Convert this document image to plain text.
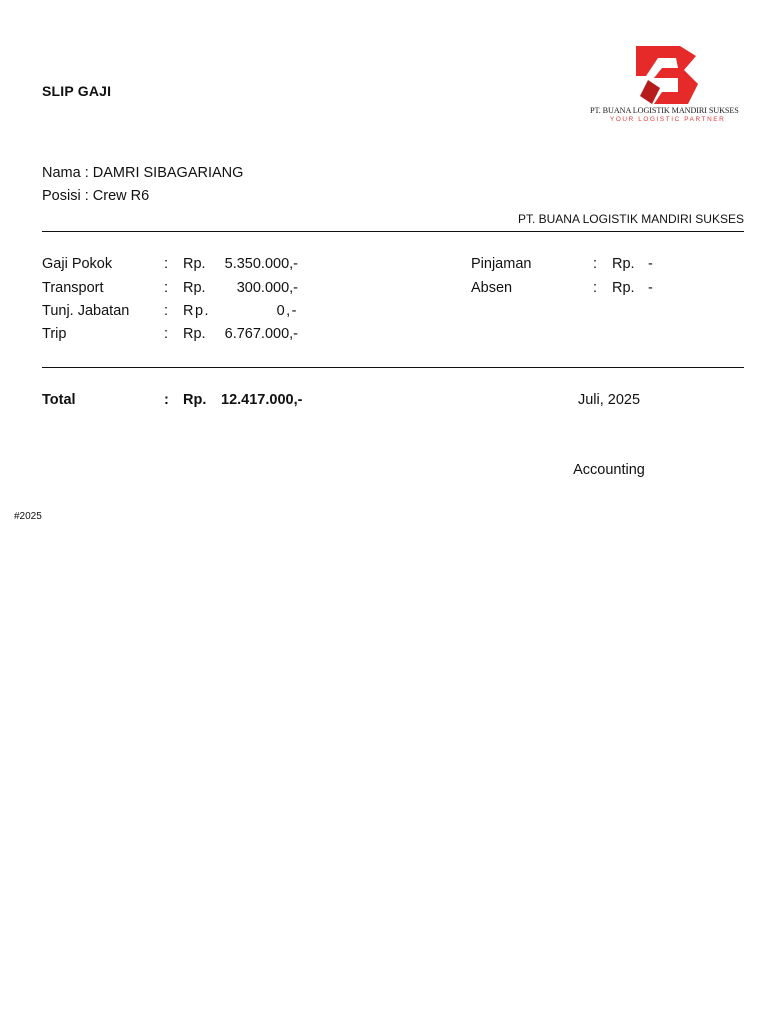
SLIP GAJI
PT. BUANA LOGISTIK MANDIRI SUKSES
YOUR LOGISTIC PARTNER
Nama : DAMRI SIBAGARIANG
Posisi : Crew R6
PT. BUANA LOGISTIK MANDIRI SUKSES
Gaji Pokok	: Rp.	5.350.000,-
Transport	: Rp.	300.000,-
Tunj. Jabatan : Rp.	0,-
Trip	: Rp.	6.767.000,-
Pinjaman	: Rp. -
Absen	: Rp. -
Total	: Rp. 12.417.000,-	Juli, 2025
Accounting
#2025
